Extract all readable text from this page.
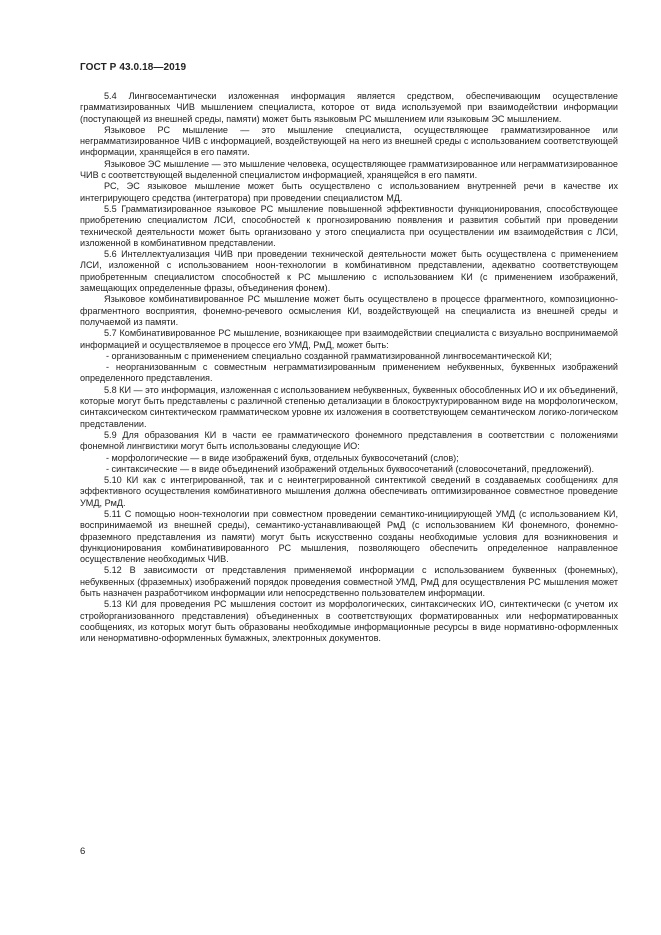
ГОСТ Р 43.0.18—2019

5.4 Лингвосемантически изложенная информация является средством, обеспечивающим осуществление грамматизированных ЧИВ мышлением специалиста, которое от вида используемой при взаимодействии информации (поступающей из внешней среды, памяти) может быть языковым РС мышлением или языковым ЭС мышлением.

Языковое РС мышление — это мышление специалиста, осуществляющее грамматизированное или неграмматизированное ЧИВ с информацией, воздействующей на него из внешней среды с использованием соответствующей информации, хранящейся в его памяти.

Языковое ЭС мышление — это мышление человека, осуществляющее грамматизированное или неграмматизированное ЧИВ с соответствующей выделенной специалистом информацией, хранящейся в его памяти.

РС, ЭС языковое мышление может быть осуществлено с использованием внутренней речи в качестве их интегрирующего средства (интегратора) при проведении специалистом МД.

5.5 Грамматизированное языковое РС мышление повышенной эффективности функционирования, способствующее приобретению специалистом ЛСИ, способностей к прогнозированию появления и развития событий при проведении технической деятельности может быть организовано у этого специалиста при осуществлении им взаимодействия с ЛСИ, изложенной в комбинативном представлении.

5.6 Интеллектуализация ЧИВ при проведении технической деятельности может быть осуществлена с применением ЛСИ, изложенной с использованием ноон-технологии в комбинативном представлении, адекватно соответствующем приобретенным специалистом способностей к РС мышлению с использованием КИ (с применением изображений, замещающих определенные фразы, объединения фонем).

Языковое комбинативированное РС мышление может быть осуществлено в процессе фрагментного, композиционно-фрагментного восприятия, фонемно-речевого осмысления КИ, воздействующей на специалиста из внешней среды и получаемой из памяти.

5.7 Комбинативированное РС мышление, возникающее при взаимодействии специалиста с визуально воспринимаемой информацией и осуществляемое в процессе его УМД, РмД, может быть:

- организованным с применением специально созданной грамматизированной лингвосемантической КИ;

- неорганизованным с совместным неграмматизированным применением небуквенных, буквенных изображений определенного представления.

5.8 КИ — это информация, изложенная с использованием небуквенных, буквенных обособленных ИО и их объединений, которые могут быть представлены с различной степенью детализации в блокоструктурированном виде на морфологическом, синтаксическом синтектическом грамматическом уровне их изложения в соответствующем семантическом логико-логическом представлении.

5.9 Для образования КИ в части ее грамматического фонемного представления в соответствии с положениями фонемной лингвистики могут быть использованы следующие ИО:

- морфологические — в виде изображений букв, отдельных буквосочетаний (слов);

- синтаксические — в виде объединений изображений отдельных буквосочетаний (словосочетаний, предложений).

5.10 КИ как с интегрированной, так и с неинтегрированной синтектикой сведений в создаваемых сообщениях для эффективного осуществления комбинативного мышления должна обеспечивать оптимизированное совместное проведение УМД, РмД.

5.11 С помощью ноон-технологии при совместном проведении семантико-инициирующей УМД (с использованием КИ, воспринимаемой из внешней среды), семантико-устанавливающей РмД (с использованием КИ фонемного, фонемно-фраземного представления из памяти) могут быть искусственно созданы необходимые условия для возникновения и функционирования комбинативированного РС мышления, позволяющего обеспечить определенное направленное осуществление необходимых ЧИВ.

5.12 В зависимости от представления применяемой информации с использованием буквенных (фонемных), небуквенных (фраземных) изображений порядок проведения совместной УМД, РмД для осуществления РС мышления может быть назначен разработчиком информации или непосредственно пользователем информации.

5.13 КИ для проведения РС мышления состоит из морфологических, синтаксических ИО, синтектически (с учетом их стройорганизованного представления) объединенных в соответствующих форматированных или неформатированных сообщениях, из которых могут быть образованы необходимые информационные ресурсы в виде нормативно-оформленных или ненормативно-оформленных бумажных, электронных документов.

6
